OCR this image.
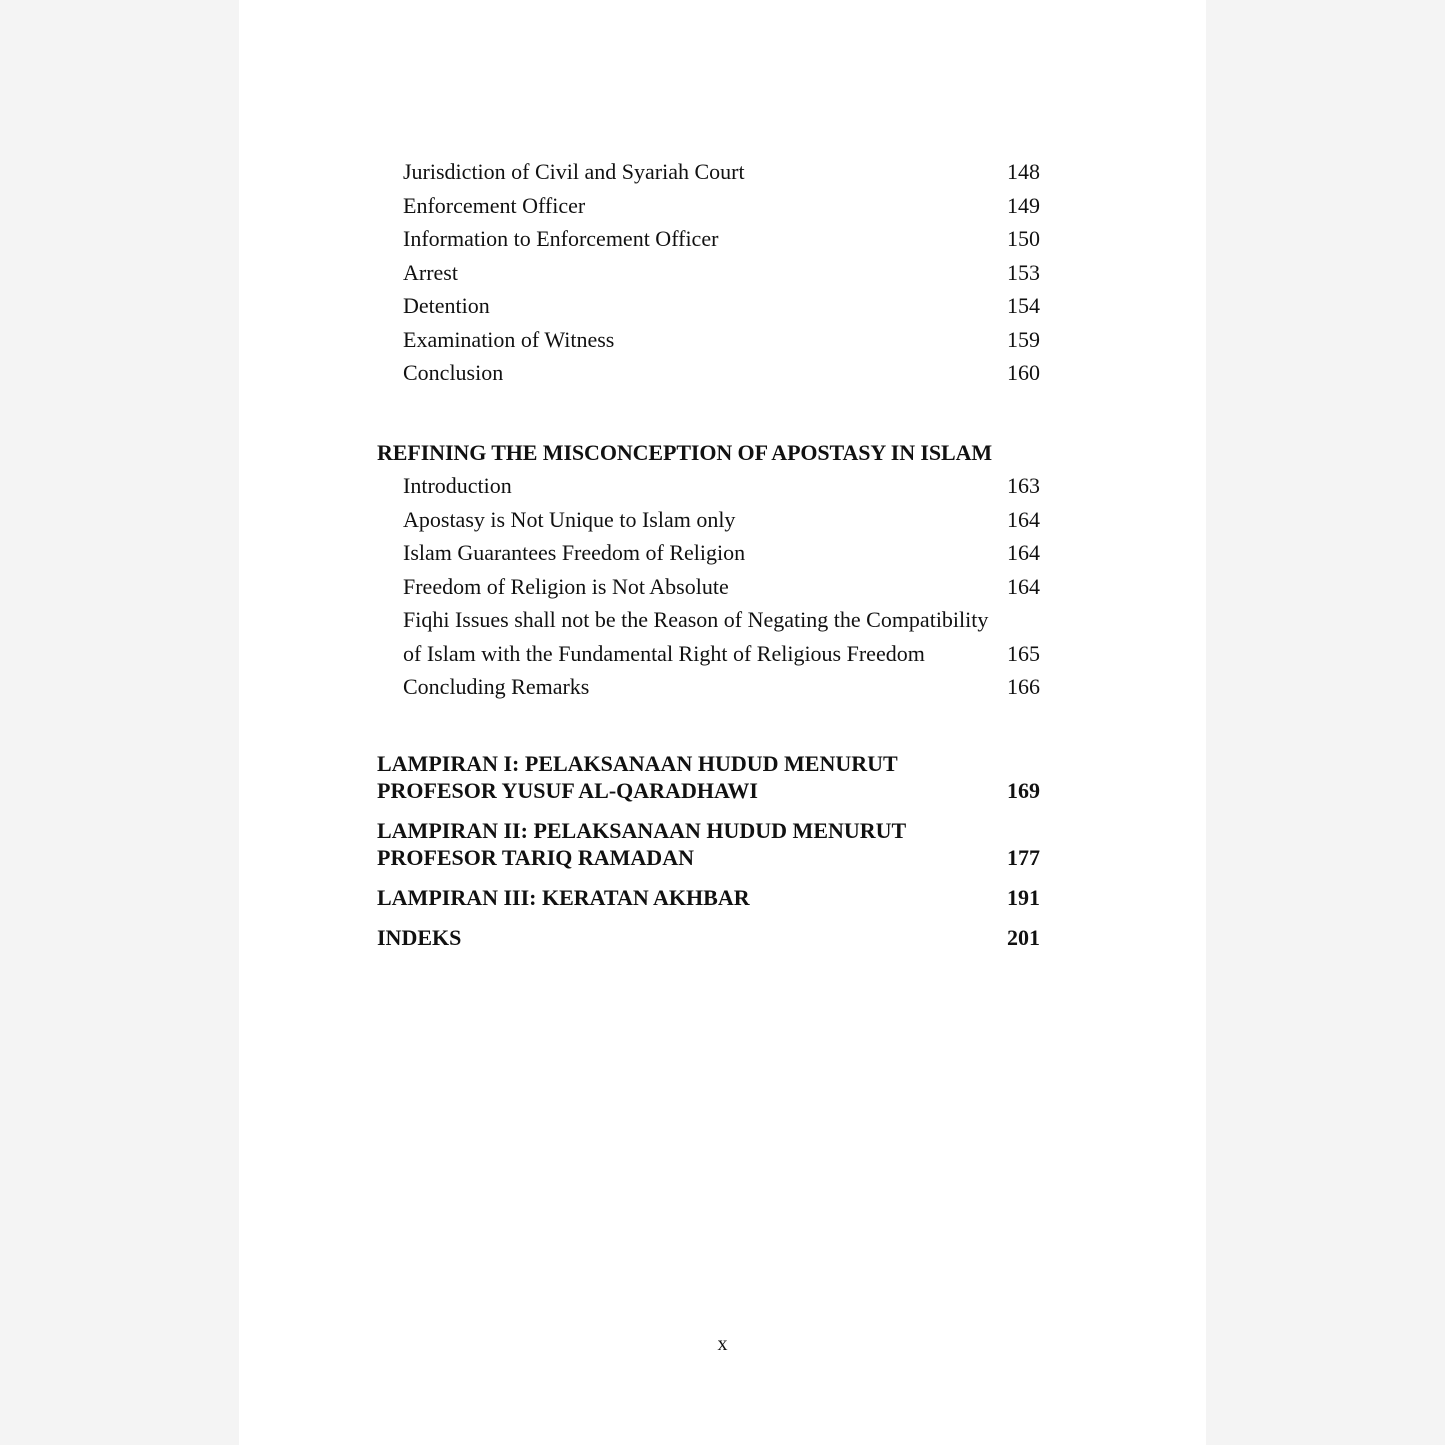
Jurisdiction of Civil and Syariah Court	148
Enforcement Officer	149
Information to Enforcement Officer	150
Arrest	153
Detention	154
Examination of Witness	159
Conclusion	160
REFINING THE MISCONCEPTION OF APOSTASY IN ISLAM
Introduction	163
Apostasy is Not Unique to Islam only	164
Islam Guarantees Freedom of Religion	164
Freedom of Religion is Not Absolute	164
Fiqhi Issues shall not be the Reason of Negating the Compatibility
of Islam with the Fundamental Right of Religious Freedom	165
Concluding Remarks	166
LAMPIRAN I: PELAKSANAAN HUDUD MENURUT
PROFESOR YUSUF AL-QARADHAWI	169
LAMPIRAN II: PELAKSANAAN HUDUD MENURUT
PROFESOR TARIQ RAMADAN	177
LAMPIRAN III: KERATAN AKHBAR	191
INDEKS	201
x
